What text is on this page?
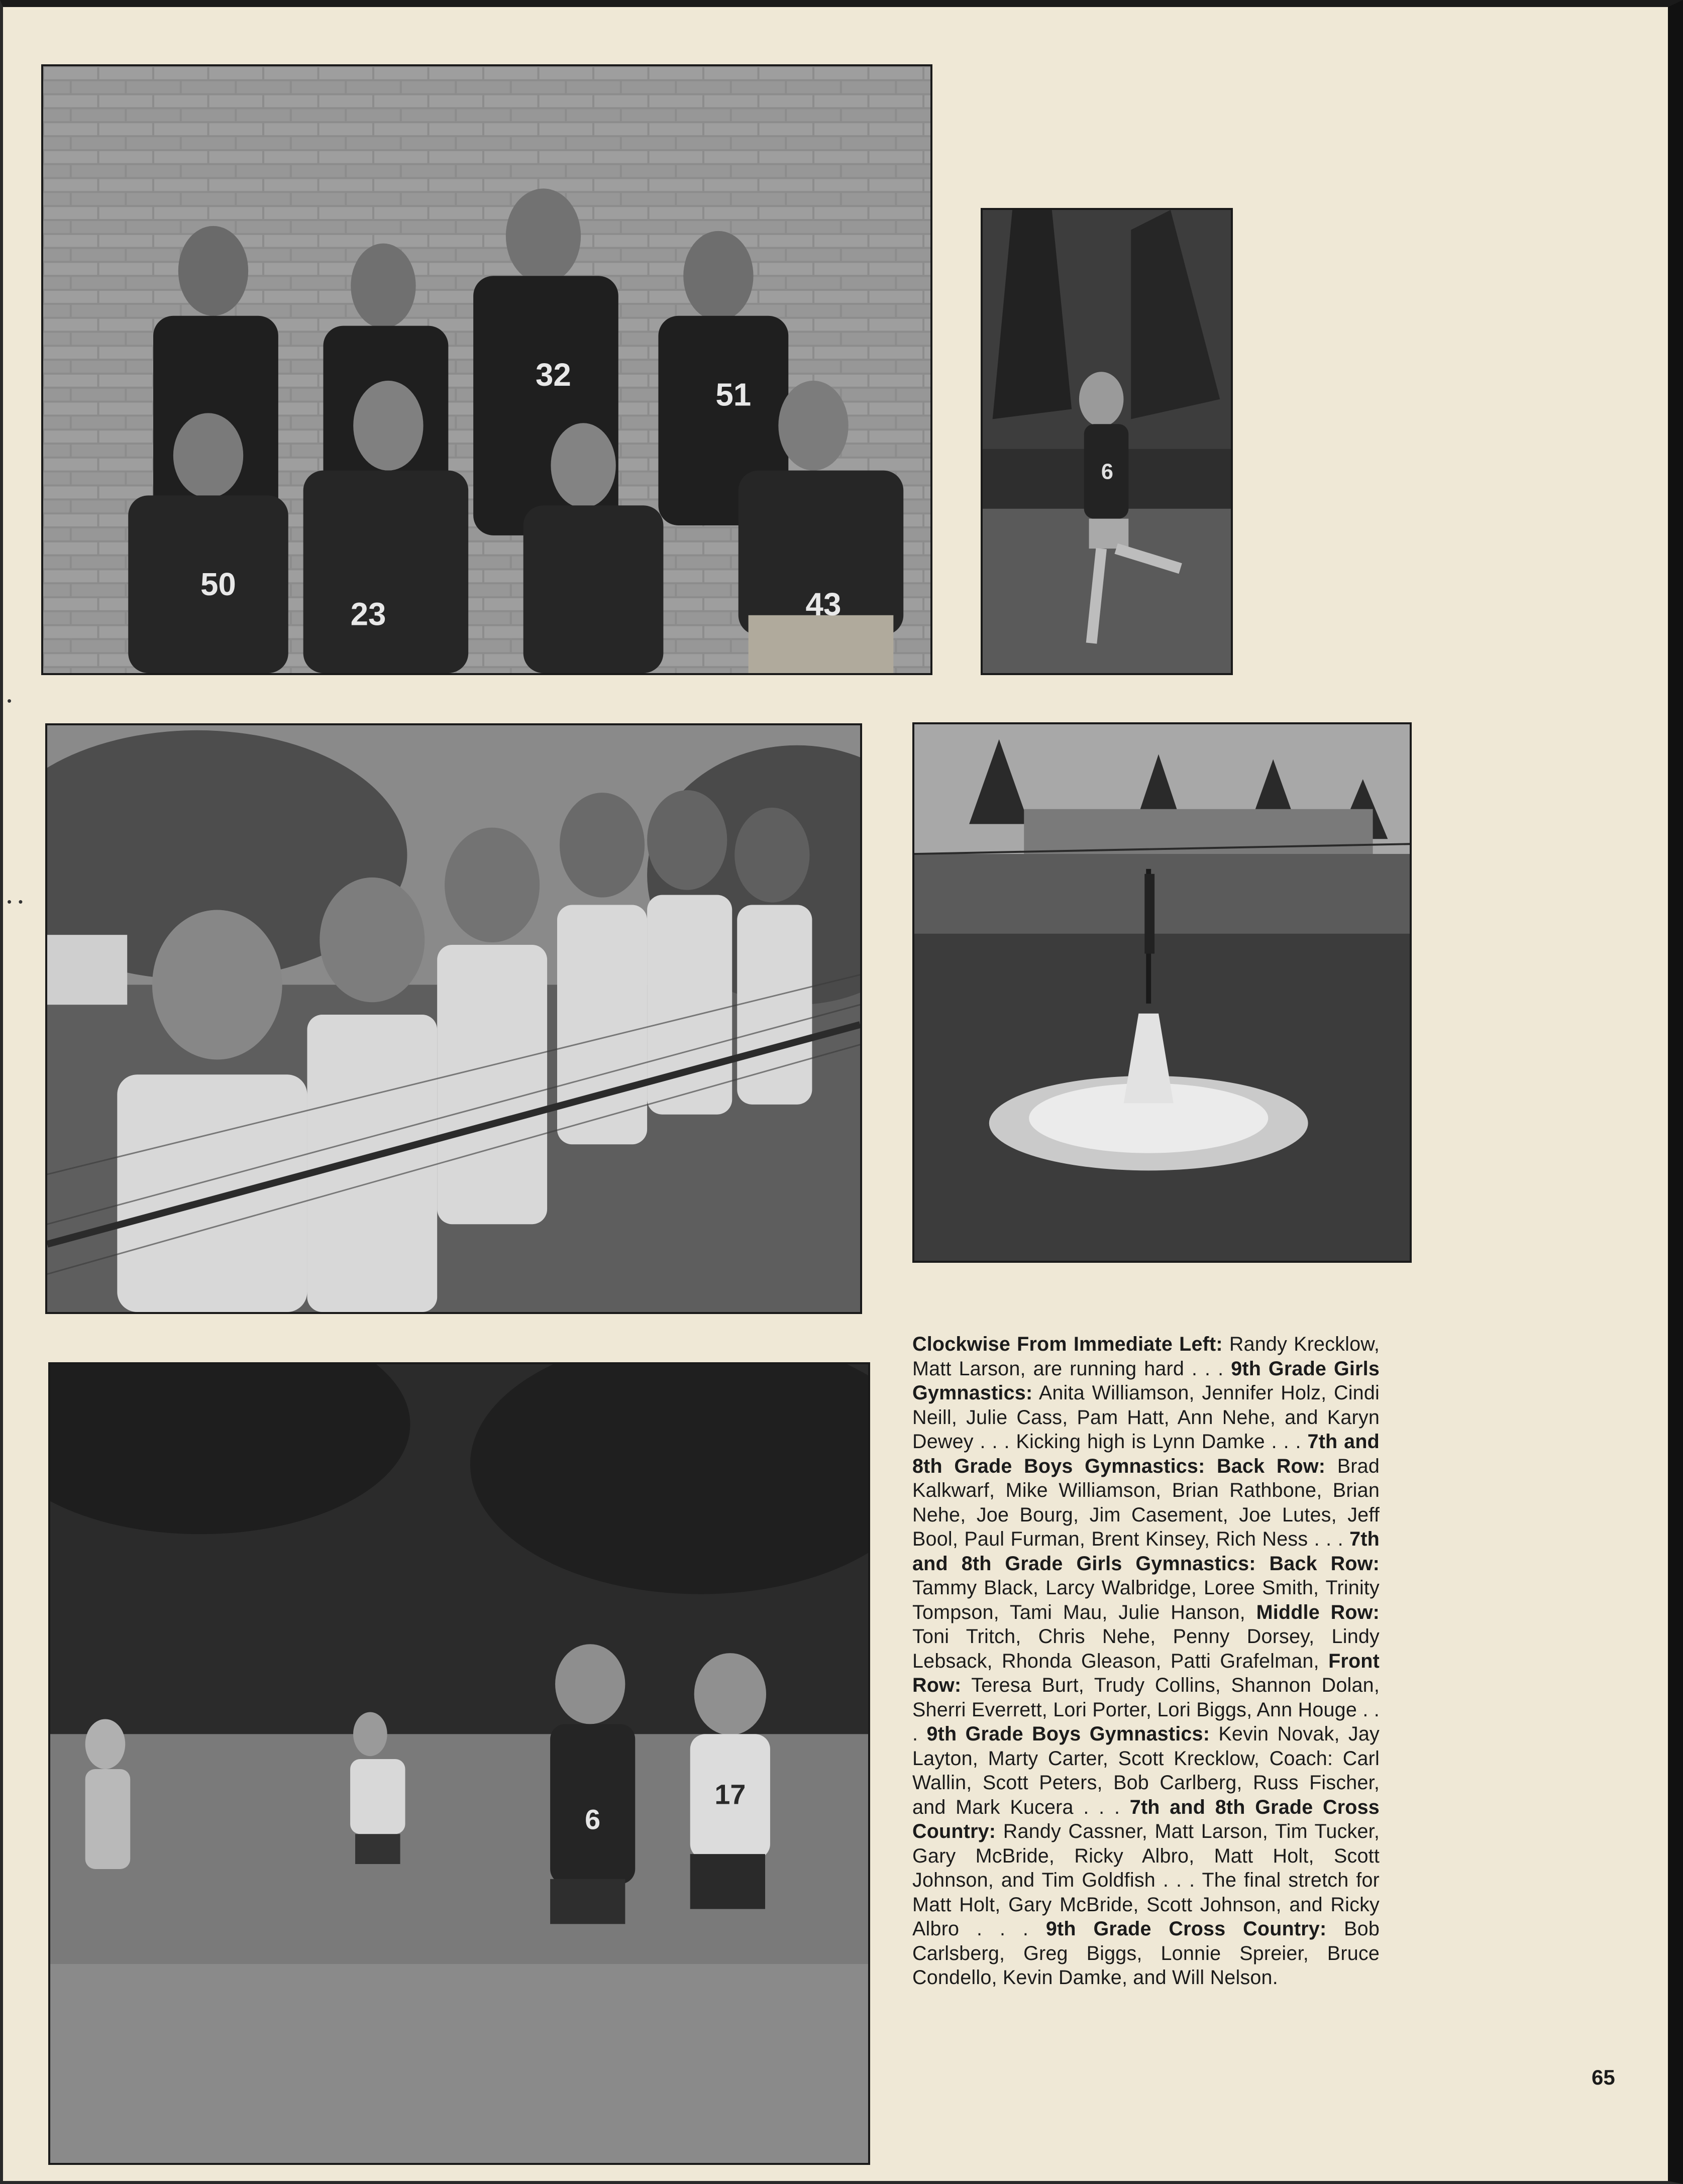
•
• •
32
51
50
23	43
6
6
17
Clockwise From Immediate Left: Randy Krecklow, Matt Larson, are running hard . . . 9th Grade Girls Gymnastics: Anita Williamson, Jennifer Holz, Cindi Neill, Julie Cass, Pam Hatt, Ann Nehe, and Karyn Dewey . . . Kicking high is Lynn Damke . . . 7th and 8th Grade Boys Gymnastics: Back Row: Brad Kalkwarf, Mike Williamson, Brian Rathbone, Brian Nehe, Joe Bourg, Jim Casement, Joe Lutes, Jeff Bool, Paul Furman, Brent Kinsey, Rich Ness . . . 7th and 8th Grade Girls Gymnastics: Back Row: Tammy Black, Larcy Walbridge, Loree Smith, Trinity Tompson, Tami Mau, Julie Hanson, Middle Row: Toni Tritch, Chris Nehe, Penny Dorsey, Lindy Lebsack, Rhonda Gleason, Patti Grafelman, Front Row: Teresa Burt, Trudy Collins, Shannon Dolan, Sherri Everrett, Lori Porter, Lori Biggs, Ann Houge . . . 9th Grade Boys Gymnastics: Kevin Novak, Jay Layton, Marty Carter, Scott Krecklow, Coach: Carl Wallin, Scott Peters, Bob Carlberg, Russ Fischer, and Mark Kucera . . . 7th and 8th Grade Cross Country: Randy Cassner, Matt Larson, Tim Tucker, Gary McBride, Ricky Albro, Matt Holt, Scott Johnson, and Tim Goldfish . . . The final stretch for Matt Holt, Gary McBride, Scott Johnson, and Ricky Albro . . . 9th Grade Cross Country: Bob Carlsberg, Greg Biggs, Lonnie Spreier, Bruce Condello, Kevin Damke, and Will Nelson.
65
